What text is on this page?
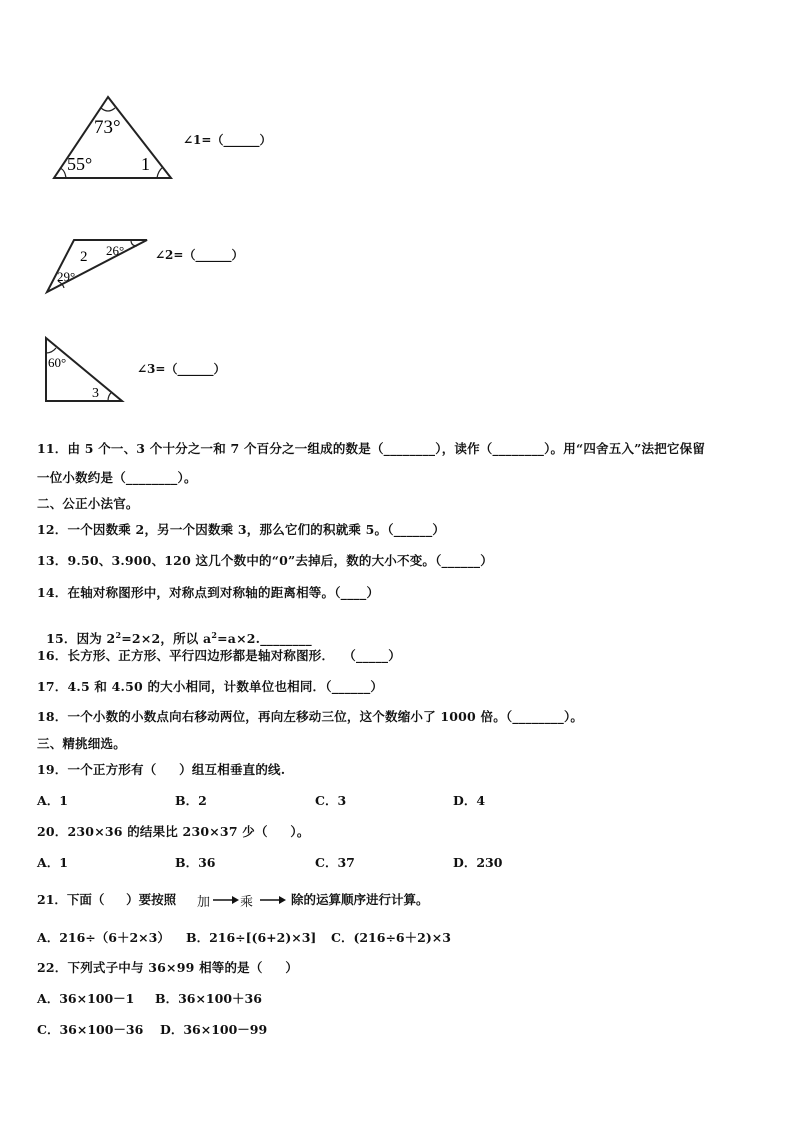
73°
55°	1
∠1=（______）
26°
2
29°
∠2=（______）
60°
3
∠3=（______）
11．由 5 个一、3 个十分之一和 7 个百分之一组成的数是（________），读作（________）。用“四舍五入”法把它保留
一位小数约是（________）。
二、公正小法官。
12．一个因数乘 2，另一个因数乘 3，那么它们的积就乘 5。（______）
13．9.50、3.900、120 这几个数中的“0”去掉后，数的大小不变。（______）
14．在轴对称图形中，对称点到对称轴的距离相等。（____）

15．因为 $2^2=2\times 2$，所以 $a^2=a\times 2.\_\_\_\_\_\_\_\_$

16．长方形、正方形、平行四边形都是轴对称图形．  （_____）
17．4.5 和 4.50 的大小相同，计数单位也相同．（______）
18．一个小数的小数点向右移动两位，再向左移动三位，这个数缩小了 1000 倍。（________）。
三、精挑细选。
19．一个正方形有（     ）组互相垂直的线.
A．1	B．2	C．3	D．4
20．230×36 的结果比 230×37 少（     ）。
A．1	B．36	C．37	D．230
21．下面（     ）要按照 加 乘	除的运算顺序进行计算。
A．216÷（6＋2×3） B．216÷[(6+2)×3] C．(216÷6＋2)×3
22．下列式子中与 36×99 相等的是（     ）
A．36×100－1 B．36×100＋36
C．36×100－36 D．36×100－99
